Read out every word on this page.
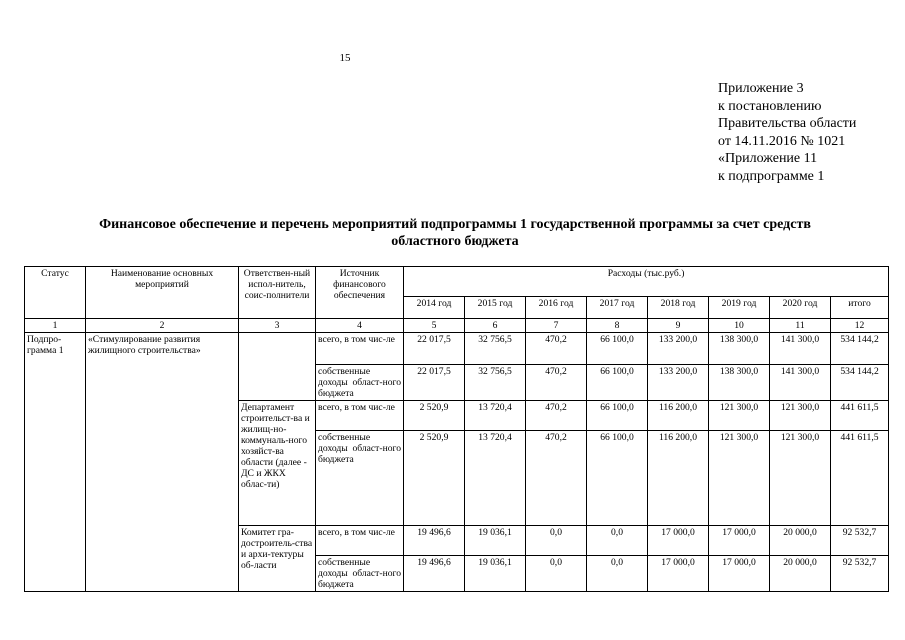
15
Приложение 3
к постановлению
Правительства области
от 14.11.2016 № 1021
«Приложение 11
к подпрограмме 1
Финансовое обеспечение и перечень мероприятий подпрограммы 1 государственной программы за счет средств
областного бюджета
Статус	Наименование основных мероприятий	Ответствен-ный испол-нитель, соис-полнители	Источник финансового обеспечения	Расходы (тыс.руб.)							
				2014 год	2015 год	2016 год	2017 год	2018 год	2019 год	2020 год	итого
1	2	3	4	5	6	7	8	9	10	11	12
Подпро-грамма 1	«Стимулирование развития жилищного строительства»		всего, в том чис-ле	22 017,5	32 756,5	470,2	66 100,0	133 200,0	138 300,0	141 300,0	534 144,2
			собственные доходы област-ного бюджета	22 017,5	32 756,5	470,2	66 100,0	133 200,0	138 300,0	141 300,0	534 144,2
		Департамент строительст-ва и жилищ-но-коммуналь-ного хозяйст-ва области (далее - ДС и ЖКХ облас-ти)	всего, в том чис-ле	2 520,9	13 720,4	470,2	66 100,0	116 200,0	121 300,0	121 300,0	441 611,5
			собственные доходы област-ного бюджета	2 520,9	13 720,4	470,2	66 100,0	116 200,0	121 300,0	121 300,0	441 611,5
		Комитет гра-достроитель-ства и архи-тектуры об-ласти	всего, в том чис-ле	19 496,6	19 036,1	0,0	0,0	17 000,0	17 000,0	20 000,0	92 532,7
			собственные доходы област-ного бюджета	19 496,6	19 036,1	0,0	0,0	17 000,0	17 000,0	20 000,0	92 532,7
